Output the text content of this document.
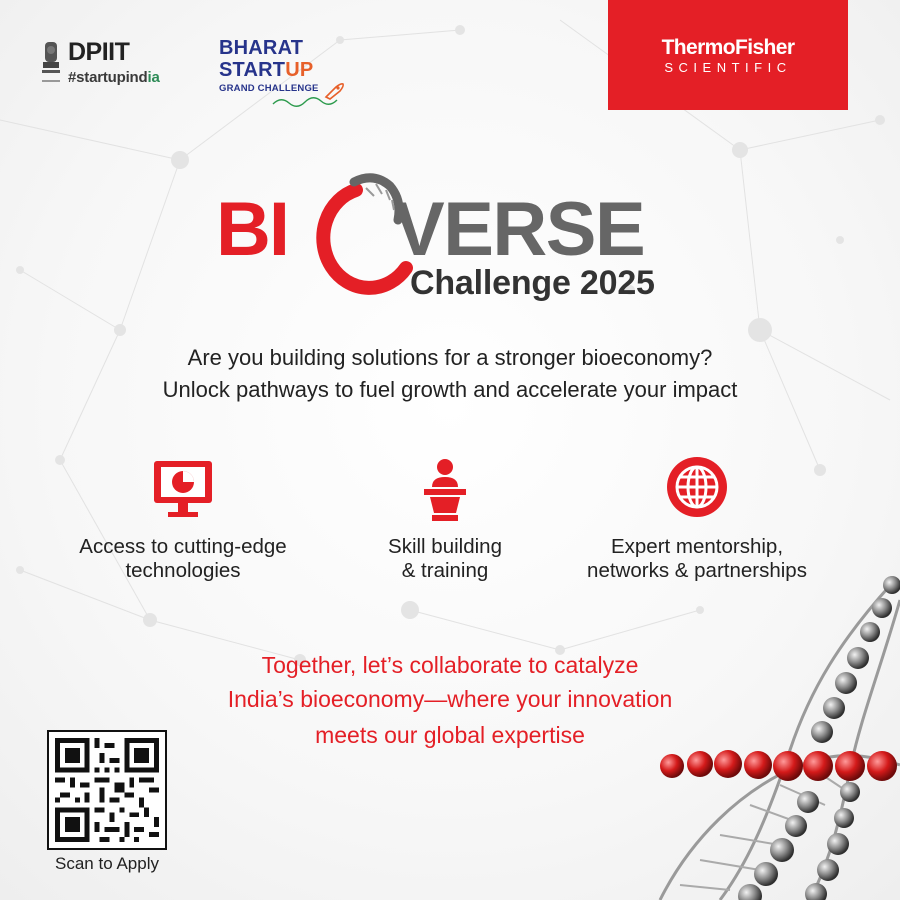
DPIIT
#startupindia
BHARAT
STARTUP
GRAND CHALLENGE
ThermoFisher
SCIENTIFIC
BI VERSE
Challenge 2025
Are you building solutions for a stronger bioeconomy?
Unlock pathways to fuel growth and accelerate your impact
Access to cutting-edge
technologies
Skill building
& training
Expert mentorship,
networks & partnerships
Together, let’s collaborate to catalyze
India’s bioeconomy—where your innovation
meets our global expertise
Scan to Apply
